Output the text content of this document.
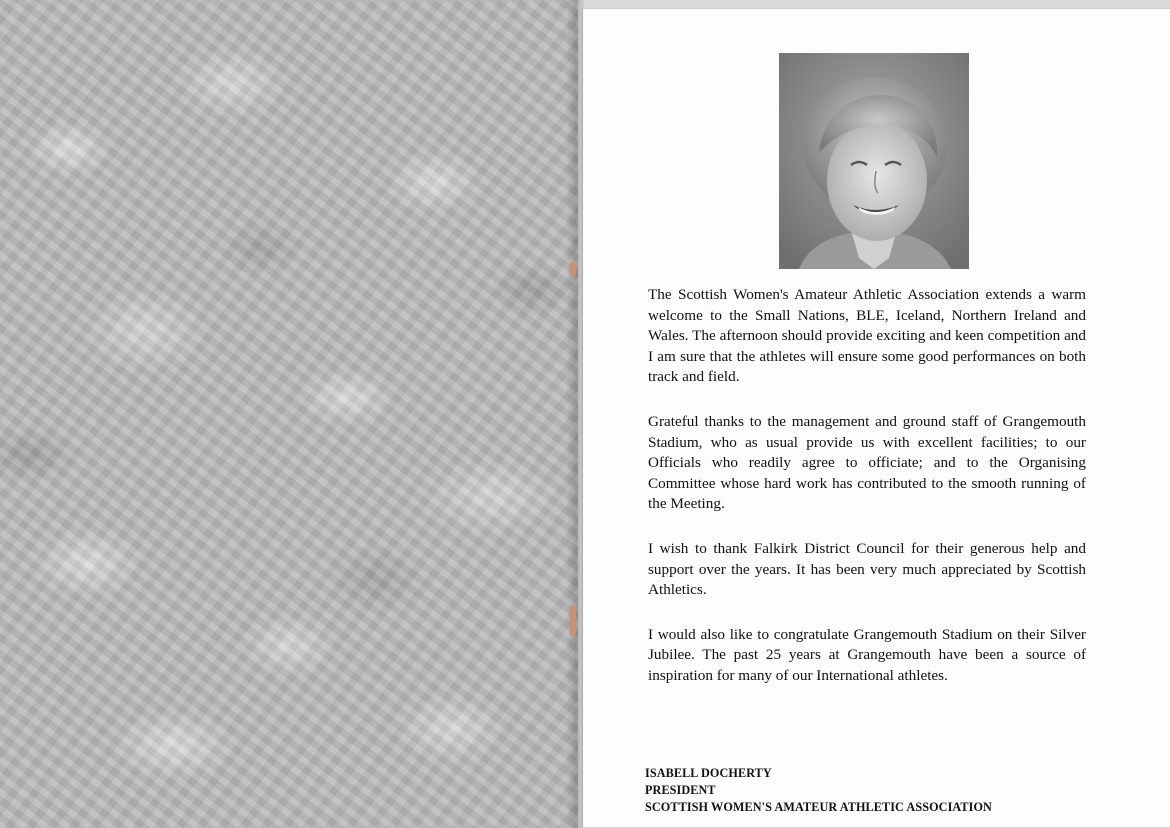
The Scottish Women's Amateur Athletic Association extends a warm welcome to the Small Nations, BLE, Iceland, Northern Ireland and Wales. The afternoon should provide exciting and keen competition and I am sure that the athletes will ensure some good performances on both track and field.

Grateful thanks to the management and ground staff of Grangemouth Stadium, who as usual provide us with excellent facilities; to our Officials who readily agree to officiate; and to the Organising Committee whose hard work has contributed to the smooth running of the Meeting.

I wish to thank Falkirk District Council for their generous help and support over the years. It has been very much appreciated by Scottish Athletics.

I would also like to congratulate Grangemouth Stadium on their Silver Jubilee. The past 25 years at Grangemouth have been a source of inspiration for many of our International athletes.

ISABELL DOCHERTY
PRESIDENT
SCOTTISH WOMEN'S AMATEUR ATHLETIC ASSOCIATION
